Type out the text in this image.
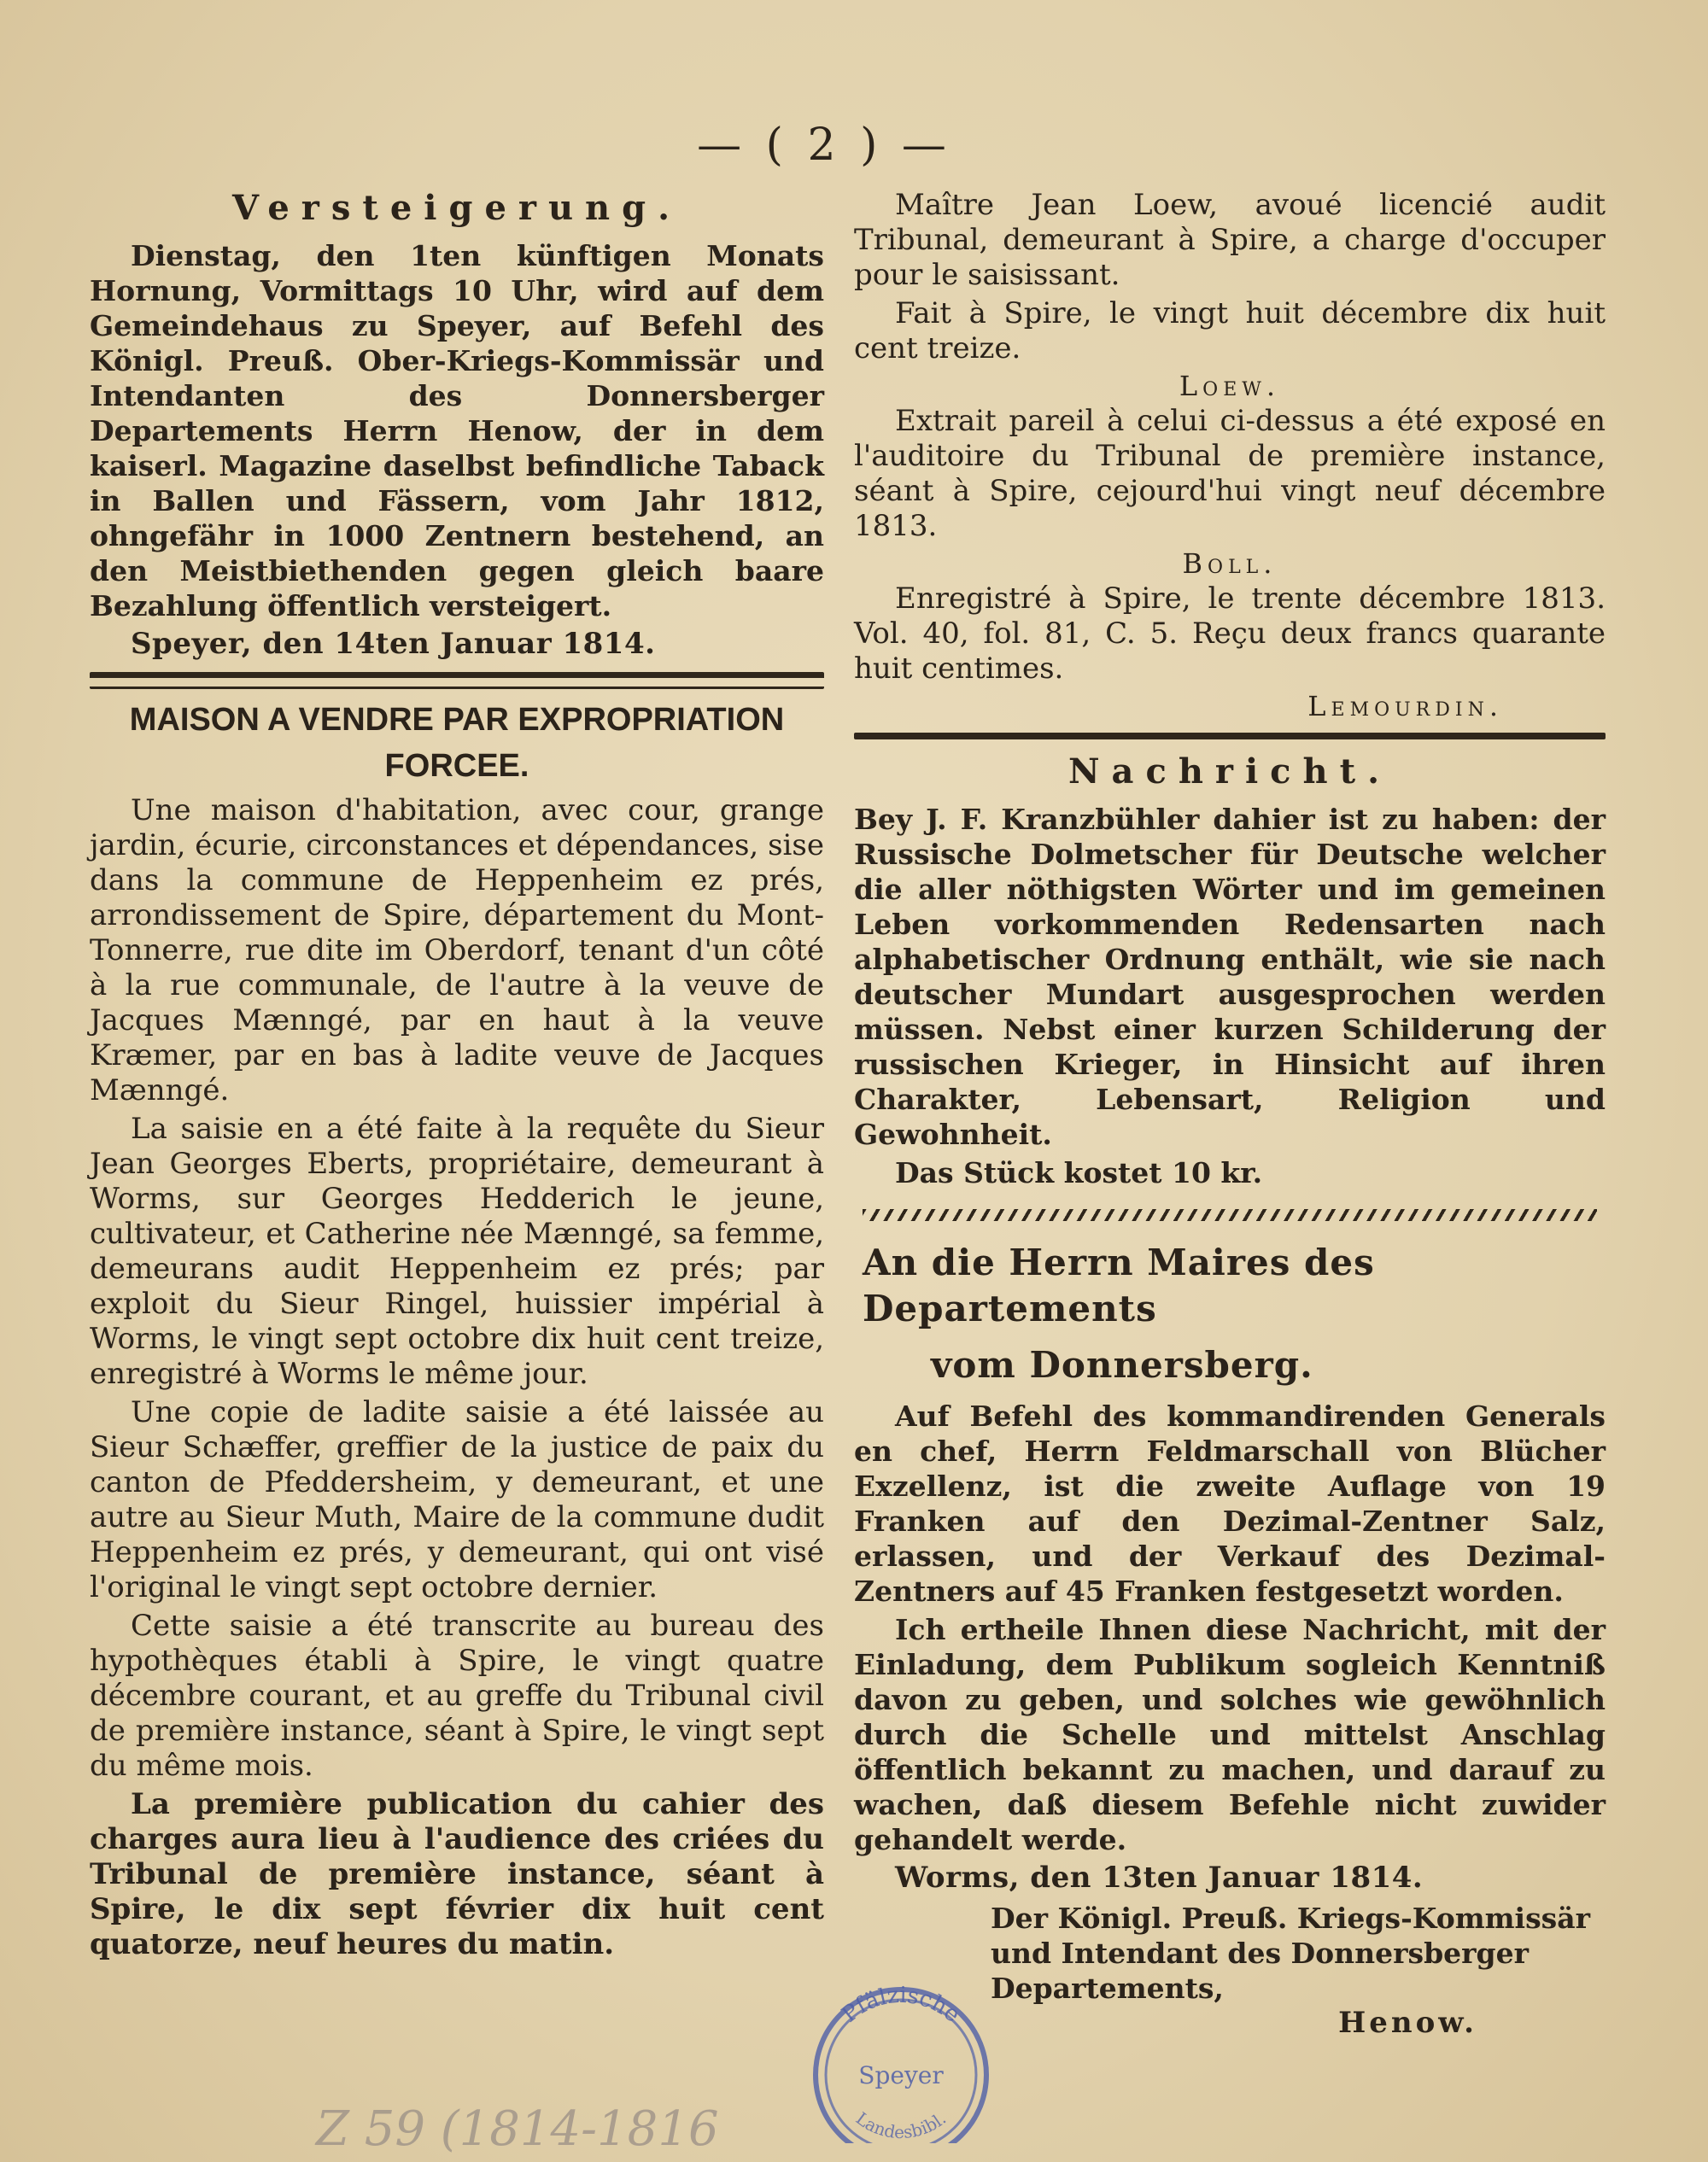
— ( 2 ) —
Versteigerung.

Dienstag, den 1ten künftigen Monats Hornung, Vormittags 10 Uhr, wird auf dem Gemeindehaus zu Speyer, auf Befehl des Königl. Preuß. Ober-Kriegs-Kommissär und Intendanten des Donnersberger Departements Herrn Henow, der in dem kaiserl. Magazine daselbst befindliche Taback in Ballen und Fässern, vom Jahr 1812, ohngefähr in 1000 Zentnern bestehend, an den Meistbiethenden gegen gleich baare Bezahlung öffentlich versteigert.

Speyer, den 14ten Januar 1814.
MAISON A VENDRE PAR EXPROPRIATION
FORCEE.

Une maison d'habitation, avec cour, grange jardin, écurie, circonstances et dépendances, sise dans la commune de Heppenheim ez prés, arrondissement de Spire, département du Mont-Tonnerre, rue dite im Oberdorf, tenant d'un côté à la rue communale, de l'autre à la veuve de Jacques Mænngé, par en haut à la veuve Kræmer, par en bas à ladite veuve de Jacques Mænngé.

La saisie en a été faite à la requête du Sieur Jean Georges Eberts, propriétaire, demeurant à Worms, sur Georges Hedderich le jeune, cultivateur, et Catherine née Mænngé, sa femme, demeurans audit Heppenheim ez prés; par exploit du Sieur Ringel, huissier impérial à Worms, le vingt sept octobre dix huit cent treize, enregistré à Worms le même jour.

Une copie de ladite saisie a été laissée au Sieur Schæffer, greffier de la justice de paix du canton de Pfeddersheim, y demeurant, et une autre au Sieur Muth, Maire de la commune dudit Heppenheim ez prés, y demeurant, qui ont visé l'original le vingt sept octobre dernier.

Cette saisie a été transcrite au bureau des hypothèques établi à Spire, le vingt quatre décembre courant, et au greffe du Tribunal civil de première instance, séant à Spire, le vingt sept du même mois.

La première publication du cahier des charges aura lieu à l'audience des criées du Tribunal de première instance, séant à Spire, le dix sept février dix huit cent quatorze, neuf heures du matin.

Maître Jean Loew, avoué licencié audit Tribunal, demeurant à Spire, a charge d'occuper pour le saisissant.

Fait à Spire, le vingt huit décembre dix huit cent treize.

Loew.

Extrait pareil à celui ci-dessus a été exposé en l'auditoire du Tribunal de première instance, séant à Spire, cejourd'hui vingt neuf décembre 1813.

Boll.

Enregistré à Spire, le trente décembre 1813. Vol. 40, fol. 81, C. 5. Reçu deux francs quarante huit centimes.

Lemourdin.
Nachricht.

Bey J. F. Kranzbühler dahier ist zu haben: der Russische Dolmetscher für Deutsche welcher die aller nöthigsten Wörter und im gemeinen Leben vorkommenden Redensarten nach alphabetischer Ordnung enthält, wie sie nach deutscher Mundart ausgesprochen werden müssen. Nebst einer kurzen Schilderung der russischen Krieger, in Hinsicht auf ihren Charakter, Lebensart, Religion und Gewohnheit.

Das Stück kostet 10 kr.

An die Herrn Maires des Departements
vom Donnersberg.

Auf Befehl des kommandirenden Generals en chef, Herrn Feldmarschall von Blücher Exzellenz, ist die zweite Auflage von 19 Franken auf den Dezimal-Zentner Salz, erlassen, und der Verkauf des Dezimal-Zentners auf 45 Franken festgesetzt worden.

Ich ertheile Ihnen diese Nachricht, mit der Einladung, dem Publikum sogleich Kenntniß davon zu geben, und solches wie gewöhnlich durch die Schelle und mittelst Anschlag öffentlich bekannt zu machen, und darauf zu wachen, daß diesem Befehle nicht zuwider gehandelt werde.

Worms, den 13ten Januar 1814.
Der Königl. Preuß. Kriegs-Kommissär
und Intendant des Donnersberger
Departements,
Henow.
Pfälzische
Speyer
Landesbibl.
Z 59 (1814-1816
